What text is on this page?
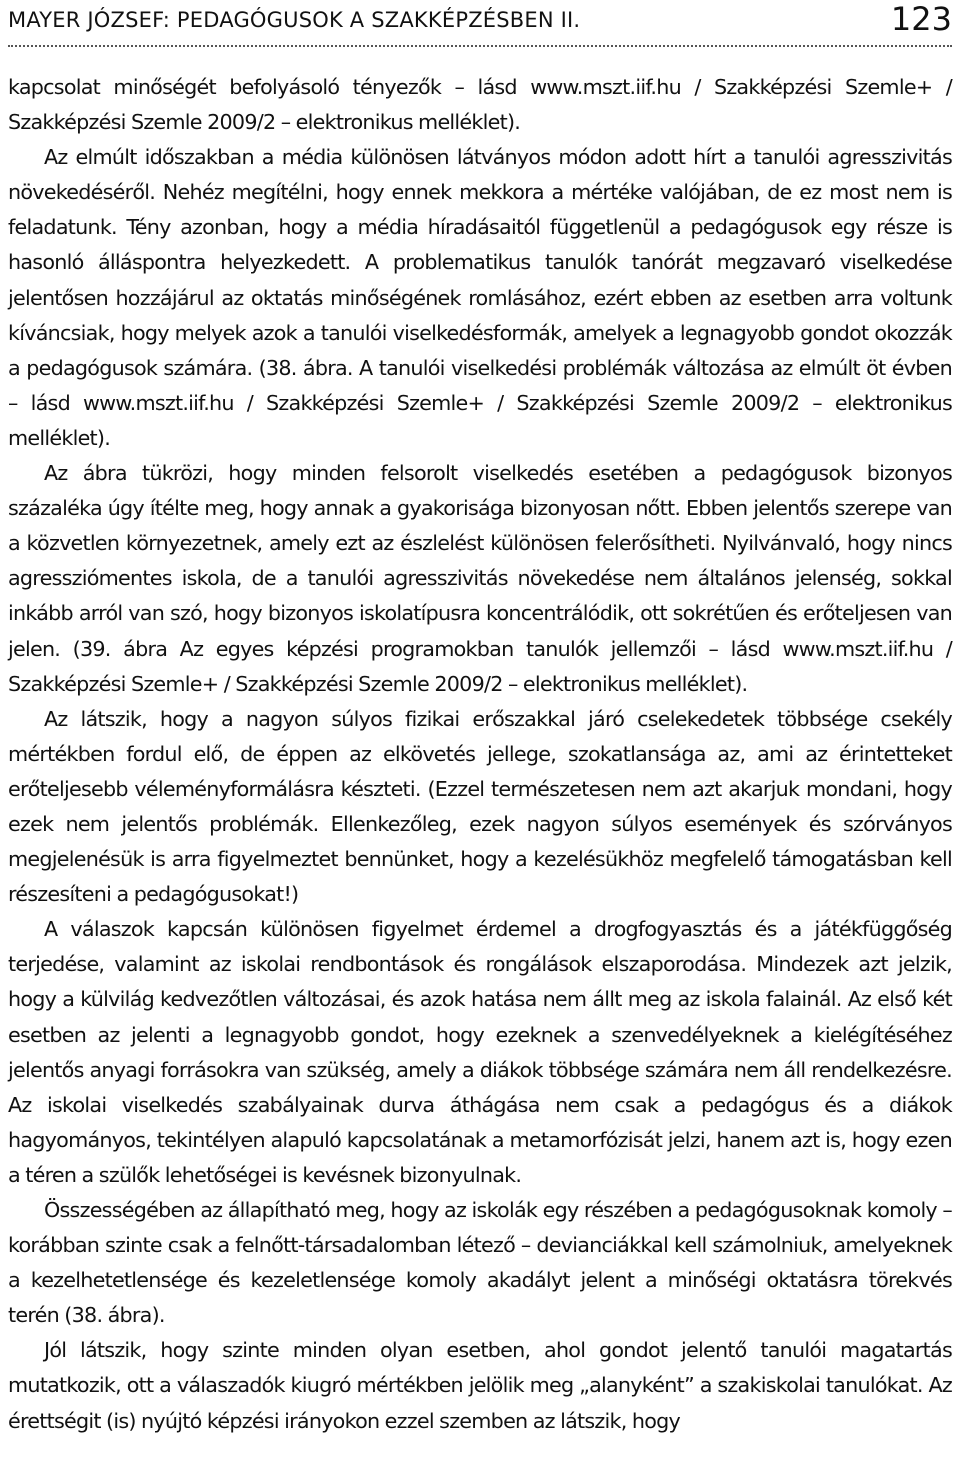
MAYER JÓZSEF: PEDAGÓGUSOK A SZAKKÉPZÉSBEN II.	123

kapcsolat minőségét befolyásoló tényezők – lásd www.mszt.iif.hu / Szakképzési Szemle+ / Szakképzési Szemle 2009/2 – elektronikus melléklet).

Az elmúlt időszakban a média különösen látványos módon adott hírt a tanulói agresszivitás növekedéséről. Nehéz megítélni, hogy ennek mekkora a mértéke valójában, de ez most nem is feladatunk. Tény azonban, hogy a média híradásaitól függetlenül a pedagógusok egy része is hasonló álláspontra helyezkedett. A problematikus tanulók tanórát megzavaró viselkedése jelentősen hozzájárul az oktatás minőségének romlásához, ezért ebben az esetben arra voltunk kíváncsiak, hogy melyek azok a tanulói viselkedésformák, amelyek a legnagyobb gondot okozzák a pedagógusok számára. (38. ábra. A tanulói viselkedési problémák változása az elmúlt öt évben – lásd www.mszt.iif.hu / Szakképzési Szemle+ / Szakképzési Szemle 2009/2 – elektronikus melléklet).

Az ábra tükrözi, hogy minden felsorolt viselkedés esetében a pedagógusok bizonyos százaléka úgy ítélte meg, hogy annak a gyakorisága bizonyosan nőtt. Ebben jelentős szerepe van a közvetlen környezetnek, amely ezt az észlelést különösen felerősítheti. Nyilvánvaló, hogy nincs agressziómentes iskola, de a tanulói agresszivitás növekedése nem általános jelenség, sokkal inkább arról van szó, hogy bizonyos iskolatípusra koncentrálódik, ott sokrétűen és erőteljesen van jelen. (39. ábra Az egyes képzési programokban tanulók jellemzői – lásd www.mszt.iif.hu / Szakképzési Szemle+ / Szakképzési Szemle 2009/2 – elektronikus melléklet).

Az látszik, hogy a nagyon súlyos fizikai erőszakkal járó cselekedetek többsége csekély mértékben fordul elő, de éppen az elkövetés jellege, szokatlansága az, ami az érintetteket erőteljesebb véleményformálásra készteti. (Ezzel természetesen nem azt akarjuk mondani, hogy ezek nem jelentős problémák. Ellenkezőleg, ezek nagyon súlyos események és szórványos megjelenésük is arra figyelmeztet bennünket, hogy a kezelésükhöz megfelelő támogatásban kell részesíteni a pedagógusokat!)

A válaszok kapcsán különösen figyelmet érdemel a drogfogyasztás és a játékfüggőség terjedése, valamint az iskolai rendbontások és rongálások elszaporodása. Mindezek azt jelzik, hogy a külvilág kedvezőtlen változásai, és azok hatása nem állt meg az iskola falainál. Az első két esetben az jelenti a legnagyobb gondot, hogy ezeknek a szenvedélyeknek a kielégítéséhez jelentős anyagi forrásokra van szükség, amely a diákok többsége számára nem áll rendelkezésre. Az iskolai viselkedés szabályainak durva áthágása nem csak a pedagógus és a diákok hagyományos, tekintélyen alapuló kapcsolatának a metamorfózisát jelzi, hanem azt is, hogy ezen a téren a szülők lehetőségei is kevésnek bizonyulnak.

Összességében az állapítható meg, hogy az iskolák egy részében a pedagógusoknak komoly – korábban szinte csak a felnőtt-társadalomban létező – devianciákkal kell számolniuk, amelyeknek a kezelhetetlensége és kezeletlensége komoly akadályt jelent a minőségi oktatásra törekvés terén (38. ábra).

Jól látszik, hogy szinte minden olyan esetben, ahol gondot jelentő tanulói magatartás mutatkozik, ott a válaszadók kiugró mértékben jelölik meg „alanyként” a szakiskolai tanulókat. Az érettségit (is) nyújtó képzési irányokon ezzel szemben az látszik, hogy
